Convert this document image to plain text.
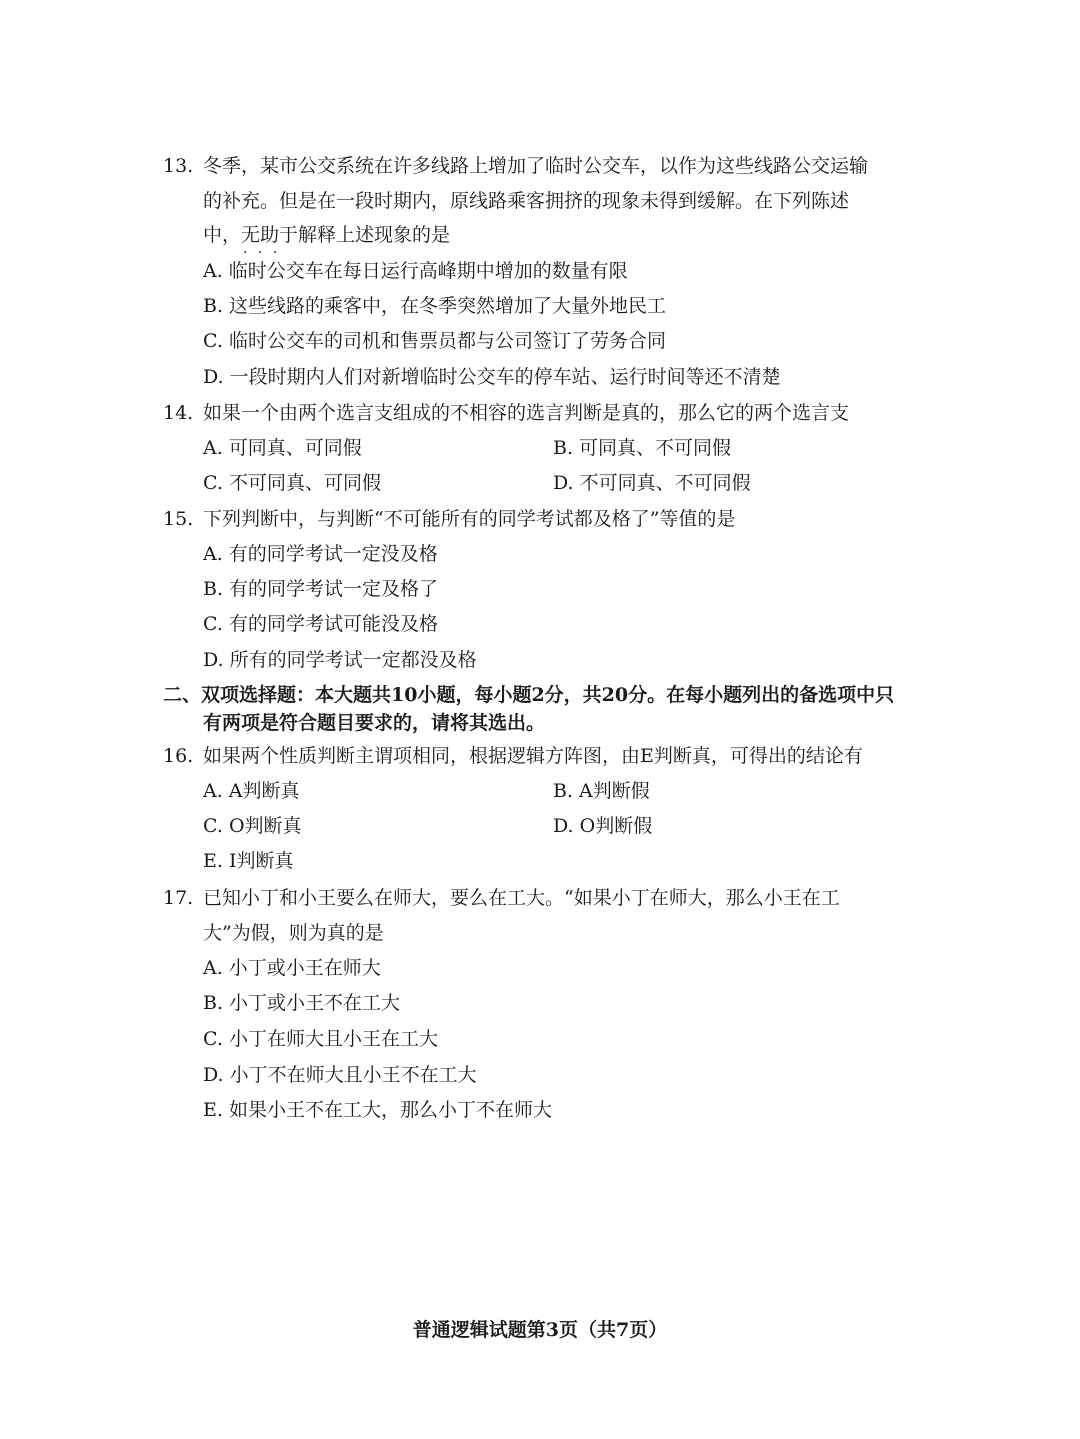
13. 冬季，某市公交系统在许多线路上增加了临时公交车，以作为这些线路公交运输
的补充。但是在一段时期内，原线路乘客拥挤的现象未得到缓解。在下列陈述
中，无助于 · · ·解释上述现象的是
A. 临时公交车在每日运行高峰期中增加的数量有限
B. 这些线路的乘客中，在冬季突然增加了大量外地民工
C. 临时公交车的司机和售票员都与公司签订了劳务合同
D. 一段时期内人们对新增临时公交车的停车站、运行时间等还不清楚
14. 如果一个由两个选言支组成的不相容的选言判断是真的，那么它的两个选言支
A. 可同真、可同假	B. 可同真、不可同假
C. 不可同真、可同假	D. 不可同真、不可同假
15. 下列判断中，与判断“不可能所有的同学考试都及格了”等值的是
A. 有的同学考试一定没及格
B. 有的同学考试一定及格了
C. 有的同学考试可能没及格
D. 所有的同学考试一定都没及格
二、双项选择题：本大题共10小题，每小题2分，共20分。在每小题列出的备选项中只
有两项是符合题目要求的，请将其选出。
16. 如果两个性质判断主谓项相同，根据逻辑方阵图，由E判断真，可得出的结论有
A. A判断真	B. A判断假
C. O判断真	D. O判断假
E. I判断真
17. 已知小丁和小王要么在师大，要么在工大。“如果小丁在师大，那么小王在工
大”为假，则为真的是
A. 小丁或小王在师大
B. 小丁或小王不在工大
C. 小丁在师大且小王在工大
D. 小丁不在师大且小王不在工大
E. 如果小王不在工大，那么小丁不在师大
普通逻辑试题第3页（共7页）
